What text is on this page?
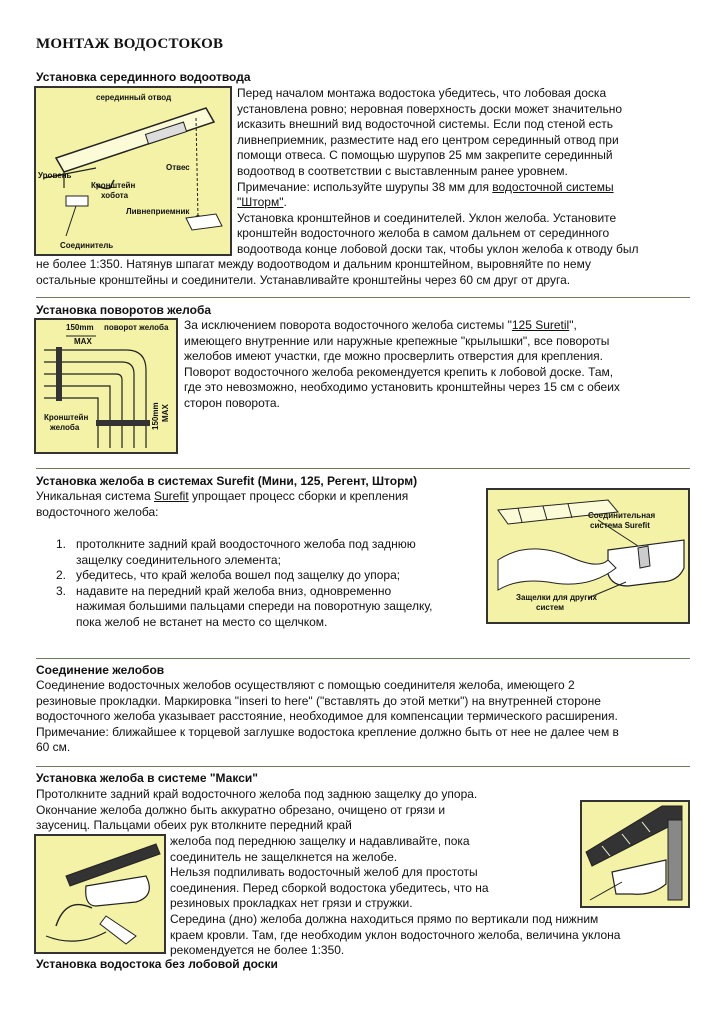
МОНТАЖ ВОДОСТОКОВ
Установка серединного водоотвода
серединный отвод
Уровень
Отвес
Кронштейн
хобота
Ливнеприемник
Соединитель
Перед началом монтажа водостока убедитесь, что лобовая доска
установлена ровно; неровная поверхность доски может значительно
исказить внешний вид водосточной системы. Если под стеной есть
ливнеприемник, разместите над его центром серединный отвод при
помощи отвеса. С помощью шурупов 25 мм закрепите серединный
водоотвод в соответствии с выставленным ранее уровнем.
Примечание: используйте шурупы 38 мм для водосточной системы
"Шторм".
Установка кронштейнов и соединителей. Уклон желоба. Установите
кронштейн водосточного желоба в самом дальнем от серединного
водоотвода конце лобовой доски так, чтобы уклон желоба к отводу был
не более 1:350. Натянув шпагат между водоотводом и дальним кронштейном, выровняйте по нему
остальные кронштейны и соединители. Устанавливайте кронштейны через 60 см друг от друга.
Установка поворотов желоба
150mm
MAX
поворот желоба
Кронштейн
желоба	150mm MAX
За исключением поворота водосточного желоба системы "125 Suretil",
имеющего внутренние или наружные крепежные "крылышки", все повороты
желобов имеют участки, где можно просверлить отверстия для крепления.
Поворот водосточного желоба рекомендуется крепить к лобовой доске. Там,
где это невозможно, необходимо установить кронштейны через 15 см с обеих
сторон поворота.
Установка желоба в системах Surefit (Мини, 125, Регент, Шторм)
Уникальная система Surefit упрощает процесс сборки и крепления
водосточного желоба:
1. протолкните задний край воодосточного желоба под заднюю
защелку соединительного элемента;
2. убедитесь, что край желоба вошел под защелку до упора;
3. надавите на передний край желоба вниз, одновременно
нажимая большими пальцами спереди на поворотную защелку,
пока желоб не встанет на место со щелчком.
Соединительная
система Surefit
Защелки для других
систем
Соединение желобов
Соединение водосточных желобов осуществляют с помощью соединителя желоба, имеющего 2
резиновые прокладки. Маркировка "inseri to here" ("вставлять до этой метки") на внутренней стороне
водосточного желоба указывает расстояние, необходимое для компенсации термического расширения.
Примечание: ближайшее к торцевой заглушке водостока крепление должно быть от нее не далее чем в
60 см.
Установка желоба в системе "Макси"
Протолкните задний край водосточного желоба под заднюю защелку до упора.
Окончание желоба должно быть аккуратно обрезано, очищено от грязи и
заусениц. Пальцами обеих рук втолкните передний край
желоба под переднюю защелку и надавливайте, пока
соединитель не защелкнется на желобе.
Нельзя подпиливать водосточный желоб для простоты
соединения. Перед сборкой водостока убедитесь, что на
резиновых прокладках нет грязи и стружки.
Середина (дно) желоба должна находиться прямо по вертикали под нижним
краем кровли. Там, где необходим уклон водосточного желоба, величина уклона
рекомендуется не более 1:350.
Установка водостока без лобовой доски
